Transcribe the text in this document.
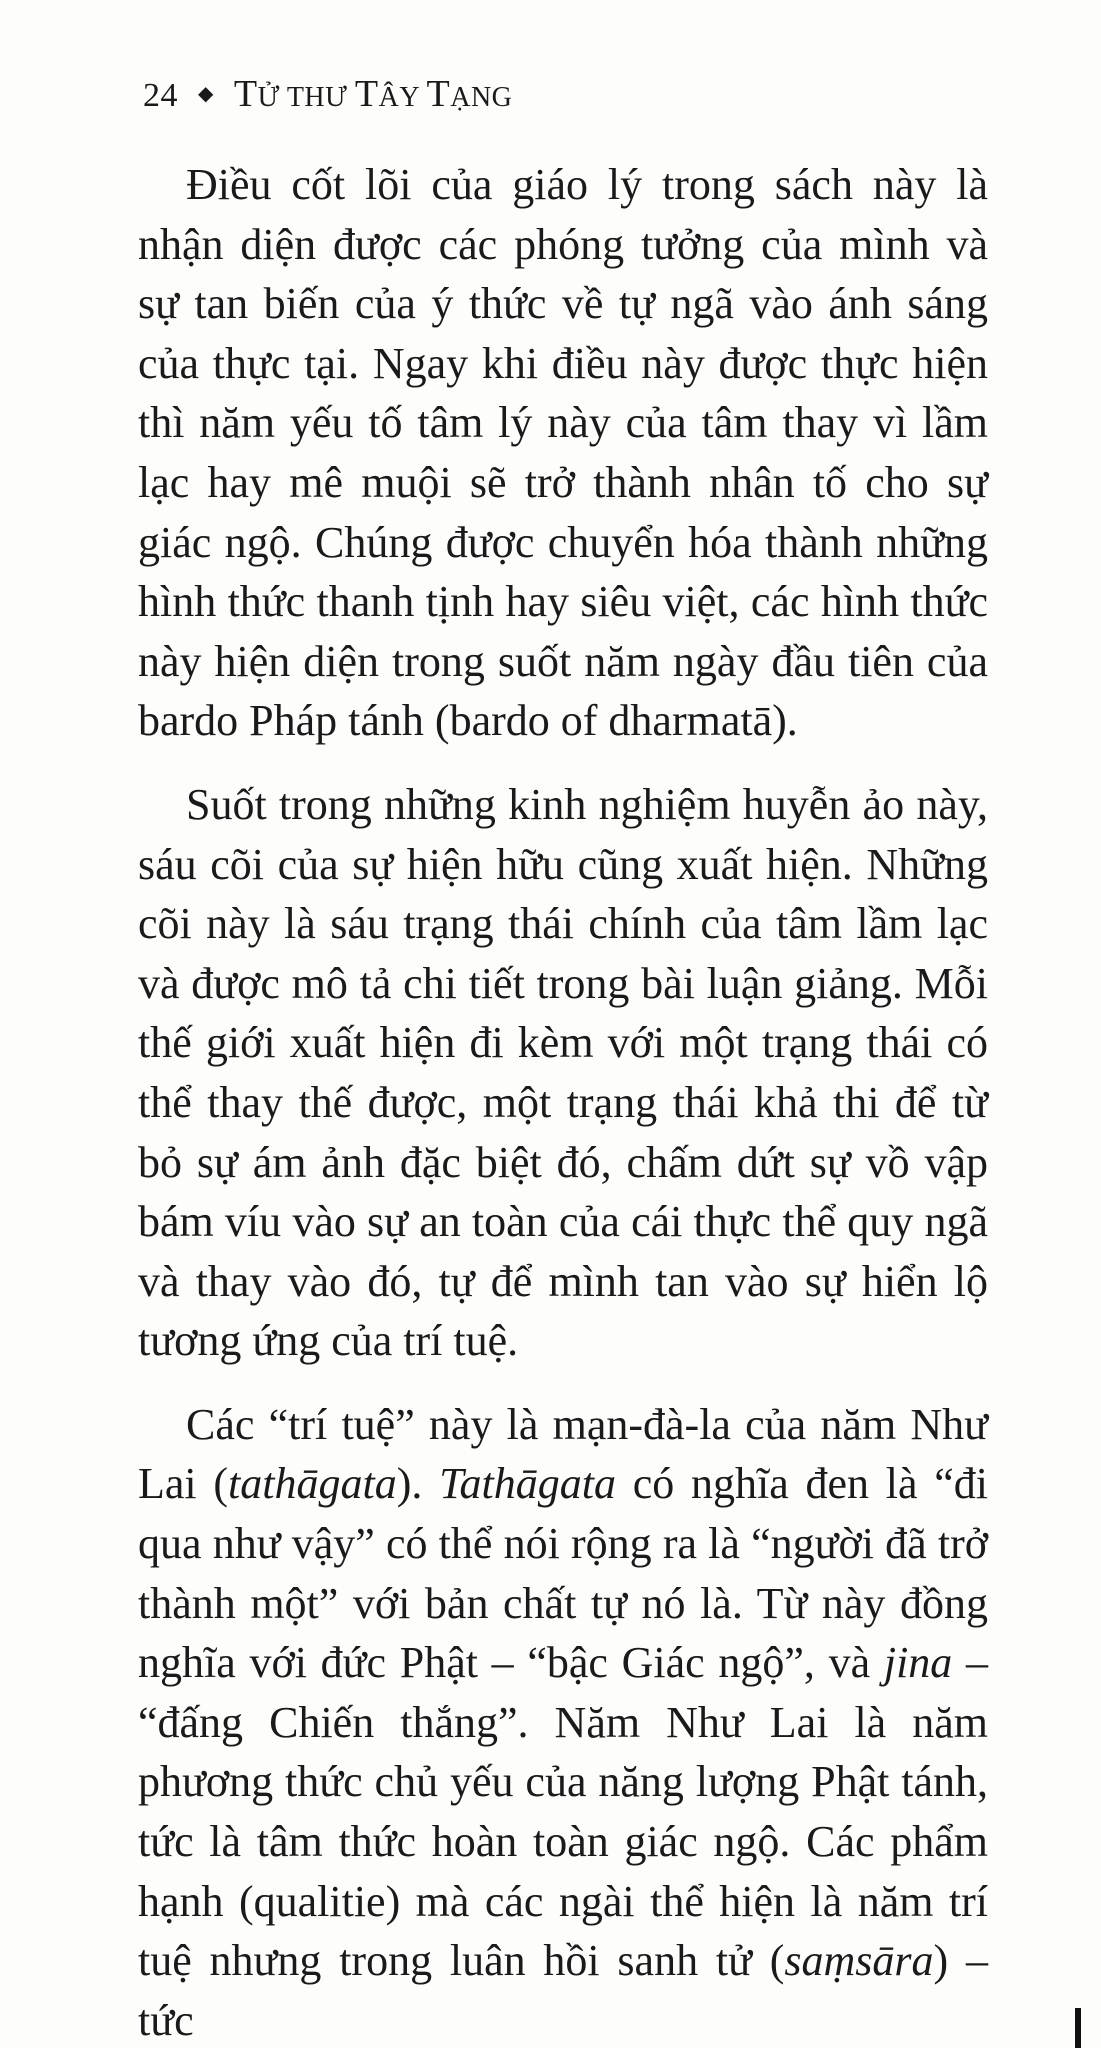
24 ◆ TỬ THƯ TÂY TẠNG

Điều cốt lõi của giáo lý trong sách này là nhận diện được các phóng tưởng của mình và sự tan biến của ý thức về tự ngã vào ánh sáng của thực tại. Ngay khi điều này được thực hiện thì năm yếu tố tâm lý này của tâm thay vì lầm lạc hay mê muội sẽ trở thành nhân tố cho sự giác ngộ. Chúng được chuyển hóa thành những hình thức thanh tịnh hay siêu việt, các hình thức này hiện diện trong suốt năm ngày đầu tiên của bardo Pháp tánh (bardo of dharmatā).

Suốt trong những kinh nghiệm huyễn ảo này, sáu cõi của sự hiện hữu cũng xuất hiện. Những cõi này là sáu trạng thái chính của tâm lầm lạc và được mô tả chi tiết trong bài luận giảng. Mỗi thế giới xuất hiện đi kèm với một trạng thái có thể thay thế được, một trạng thái khả thi để từ bỏ sự ám ảnh đặc biệt đó, chấm dứt sự vồ vập bám víu vào sự an toàn của cái thực thể quy ngã và thay vào đó, tự để mình tan vào sự hiển lộ tương ứng của trí tuệ.

Các “trí tuệ” này là mạn-đà-la của năm Như Lai (tathāgata). Tathāgata có nghĩa đen là “đi qua như vậy” có thể nói rộng ra là “người đã trở thành một” với bản chất tự nó là. Từ này đồng nghĩa với đức Phật – “bậc Giác ngộ”, và jina – “đấng Chiến thắng”. Năm Như Lai là năm phương thức chủ yếu của năng lượng Phật tánh, tức là tâm thức hoàn toàn giác ngộ. Các phẩm hạnh (qualitie) mà các ngài thể hiện là năm trí tuệ nhưng trong luân hồi sanh tử (saṃsāra) – tức
